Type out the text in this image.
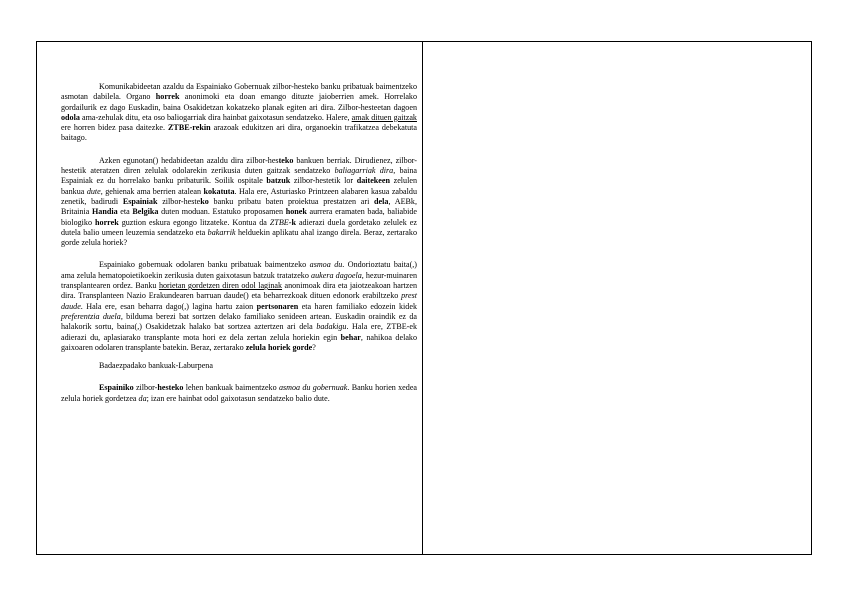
Komunikabideetan azaldu da Espainiako Gobernuak zilbor-hesteko banku pribatuak baimentzeko asmotan dabilela. Organo horrek anonimoki eta doan emango dituzte jaioberrien amek. Horrelako gordailurik ez dago Euskadin, baina Osakidetzan kokatzeko planak egiten ari dira. Zilbor-hesteetan dagoen odola ama-zehulak ditu, eta oso baliogarriak dira hainbat gaixotasun sendatzeko. Halere, amak dituen gaitzak ere horren bidez pasa daitezke. ZTBE-rekin arazoak edukitzen ari dira, organoekin trafikatzea debekatuta baitago.

Azken egunotan() hedabideetan azaldu dira zilbor-hesteko bankuen berriak. Dirudienez, zilbor-hestetik ateratzen diren zelulak odolarekin zerikusia duten gaitzak sendatzeko baliagarriak dira, baina Espainiak ez du horrelako banku pribaturik. Soilik ospitale batzuk zilbor-hestetik lor daitekeen zelulen bankua dute, gehienak ama berrien atalean kokatuta. Hala ere, Asturiasko Printzeen alabaren kasua zabaldu zenetik, badirudi Espainiak zilbor-hesteko banku pribatu baten proiektua prestatzen ari dela, AEBk, Britainia Handia eta Belgika duten moduan. Estatuko proposamen honek aurrera eramaten bada, baliabide biologiko horrek guztion eskura egongo litzateke. Kontua da ZTBE-k adierazi duela gordetako zelulek ez dutela balio umeen leuzemia sendatzeko eta bakarrik helduekin aplikatu ahal izango direla. Beraz, zertarako gorde zelula horiek?

Espainiako gobernuak odolaren banku pribatuak baimentzeko asmoa du. Ondorioztatu baita(,) ama zelula hematopoietikoekin zerikusia duten gaixotasun batzuk tratatzeko aukera dagoela, hezur-muinaren transplantearen ordez. Banku horietan gordetzen diren odol laginak anonimoak dira eta jaiotzeakoan hartzen dira. Transplanteen Nazio Erakundearen barruan daude() eta beharrezkoak dituen edonork erabiltzeko prest daude. Hala ere, esan beharra dago(,) lagina hartu zaion pertsonaren eta haren familiako edozein kidek preferentzia duela, bilduma berezi bat sortzen delako familiako senideen artean. Euskadin oraindik ez da halakorik sortu, baina(,) Osakidetzak halako bat sortzea aztertzen ari dela badakigu. Hala ere, ZTBE-ek adierazi du, aplasiarako transplante mota hori ez dela zertan zelula horiekin egin behar, nahikoa delako gaixoaren odolaren transplante batekin. Beraz, zertarako zelula horiek gorde?

Badaezpadako bankuak-Laburpena

Espainiko zilbor-hesteko lehen bankuak baimentzeko asmoa du gobernuak. Banku horien xedea zelula horiek gordetzea da; izan ere hainbat odol gaixotasun sendatzeko balio dute.
